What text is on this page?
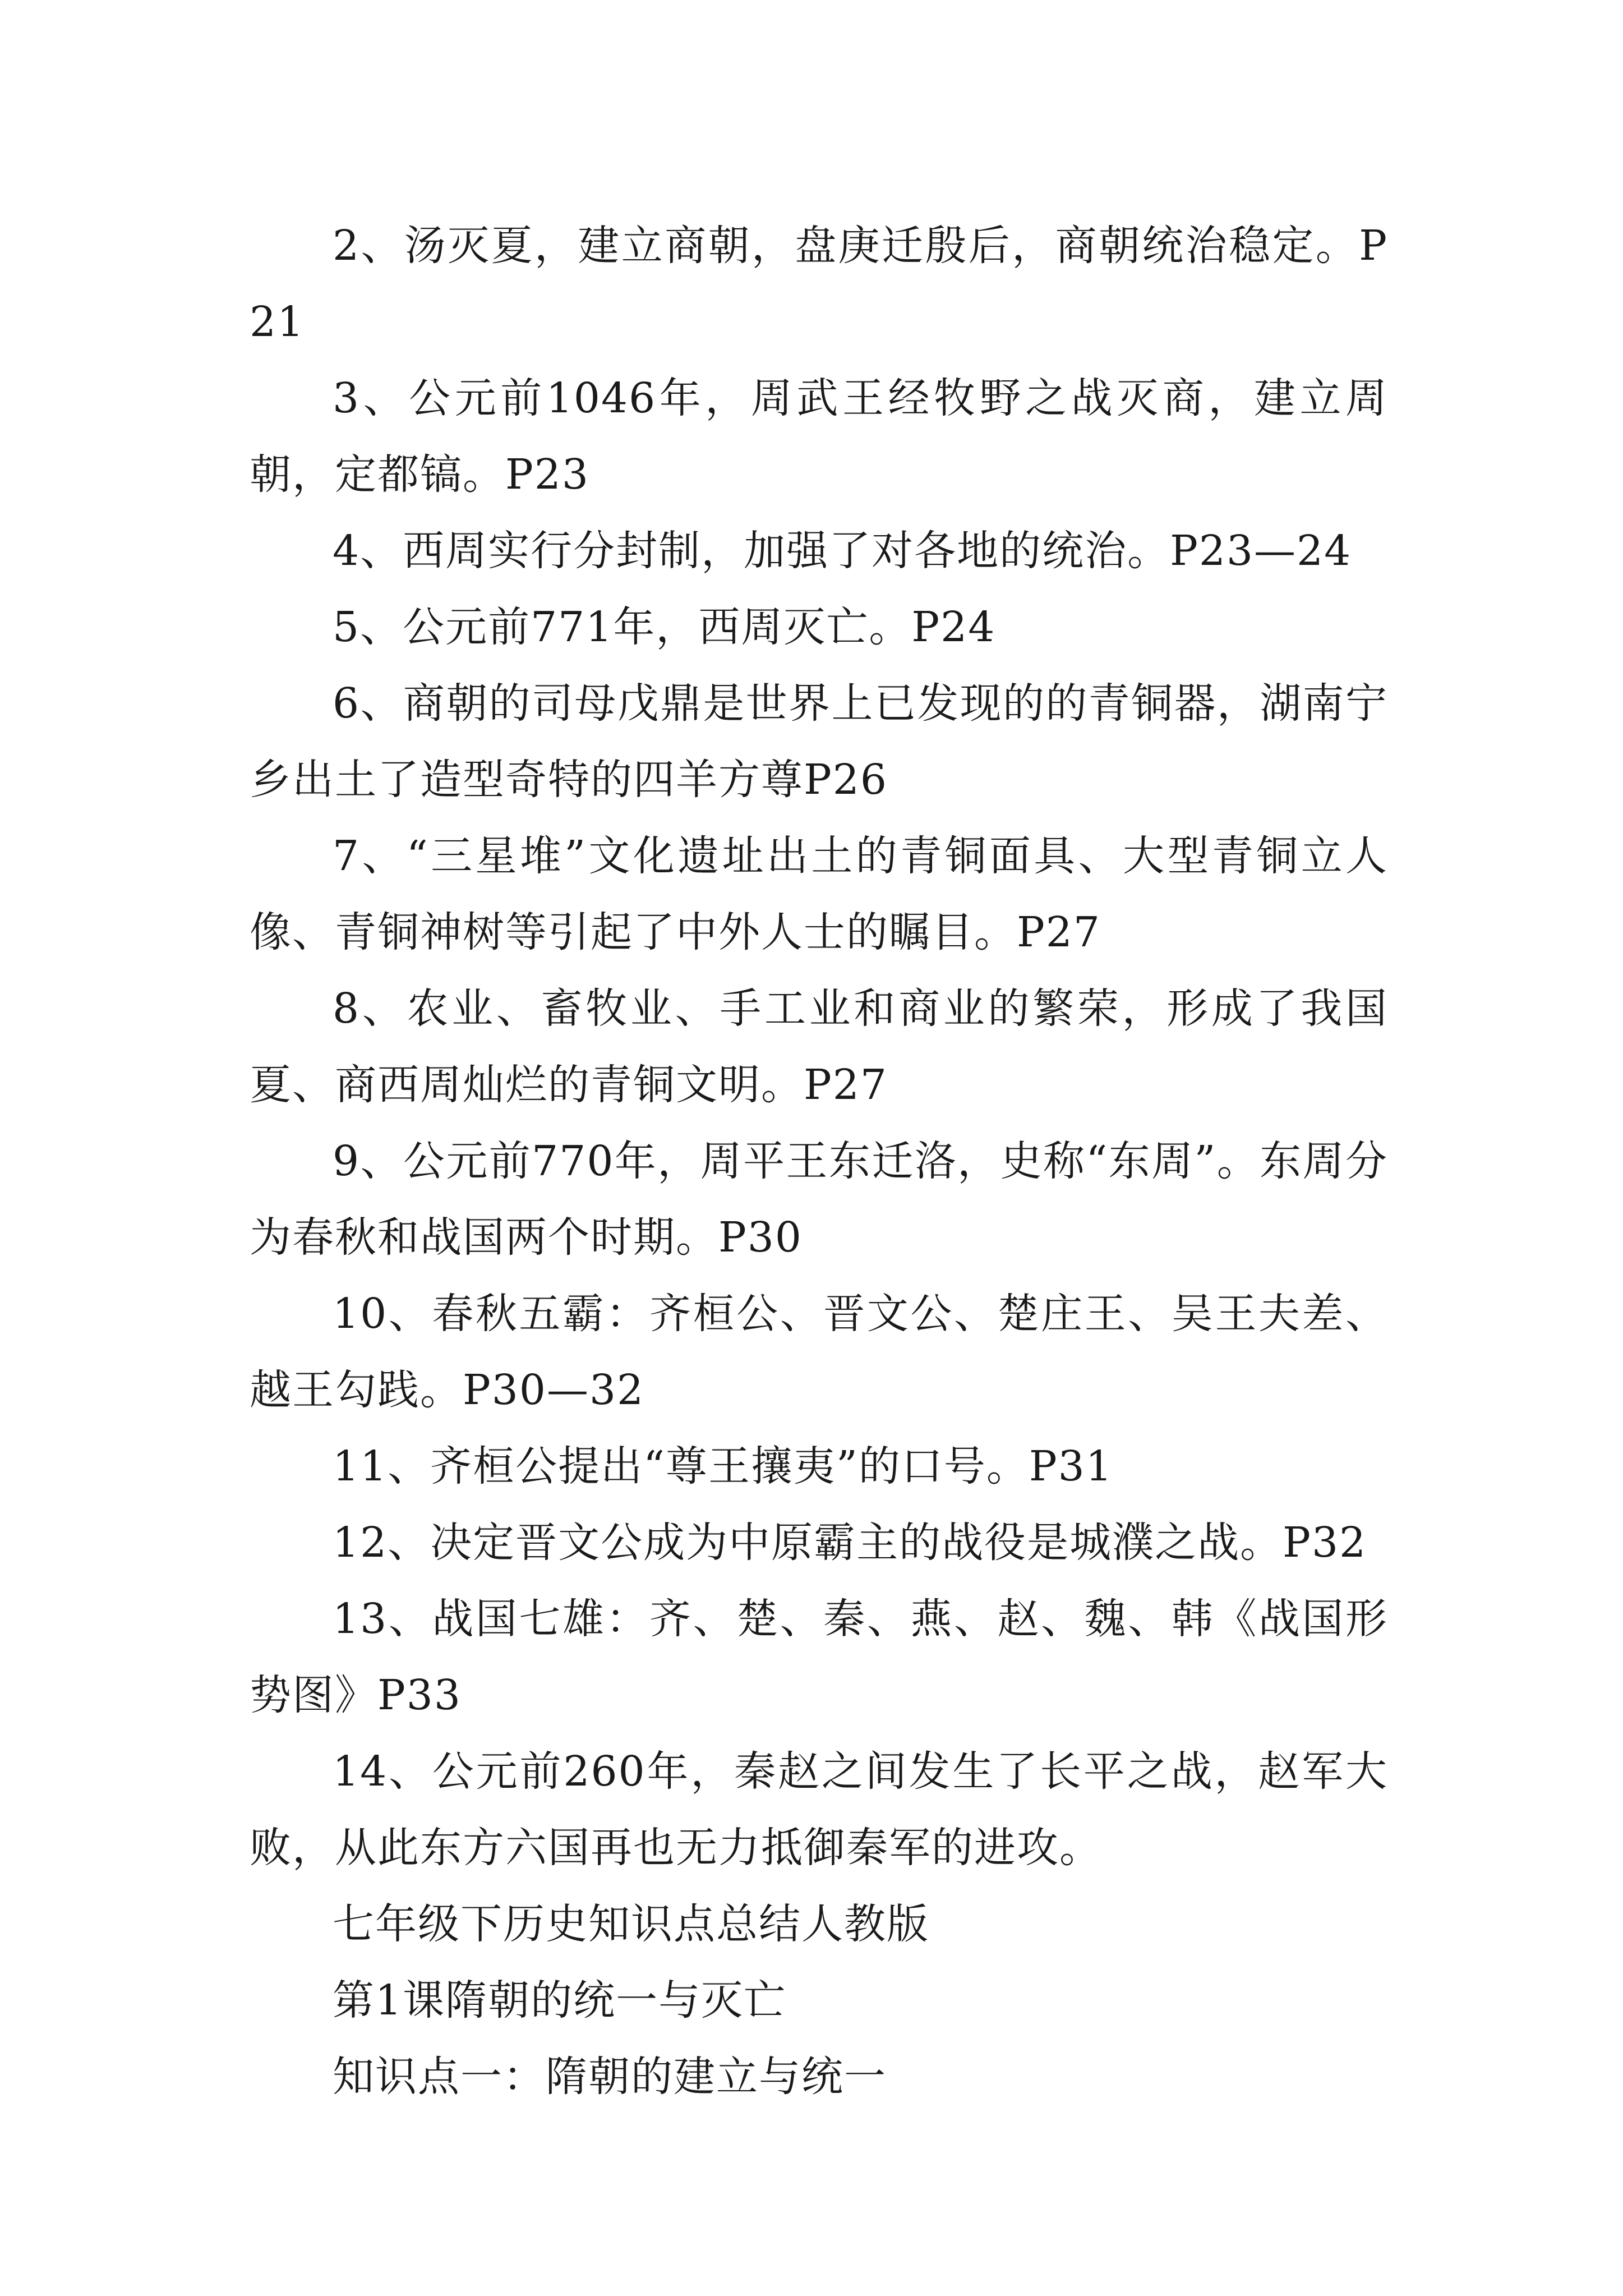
2、汤灭夏，建立商朝，盘庚迁殷后，商朝统治稳定。P21

3、公元前1046年，周武王经牧野之战灭商，建立周朝，定都镐。P23

4、西周实行分封制，加强了对各地的统治。P23—24

5、公元前771年，西周灭亡。P24

6、商朝的司母戊鼎是世界上已发现的的青铜器，湖南宁乡出土了造型奇特的四羊方尊P26

7、“三星堆”文化遗址出土的青铜面具、大型青铜立人像、青铜神树等引起了中外人士的瞩目。P27

8、农业、畜牧业、手工业和商业的繁荣，形成了我国夏、商西周灿烂的青铜文明。P27

9、公元前770年，周平王东迁洛，史称“东周”。东周分为春秋和战国两个时期。P30

10、春秋五霸：齐桓公、晋文公、楚庄王、吴王夫差、越王勾践。P30—32

11、齐桓公提出“尊王攘夷”的口号。P31

12、决定晋文公成为中原霸主的战役是城濮之战。P32

13、战国七雄：齐、楚、秦、燕、赵、魏、韩《战国形势图》P33

14、公元前260年，秦赵之间发生了长平之战，赵军大败，从此东方六国再也无力抵御秦军的进攻。

七年级下历史知识点总结人教版

第1课隋朝的统一与灭亡

知识点一：隋朝的建立与统一
